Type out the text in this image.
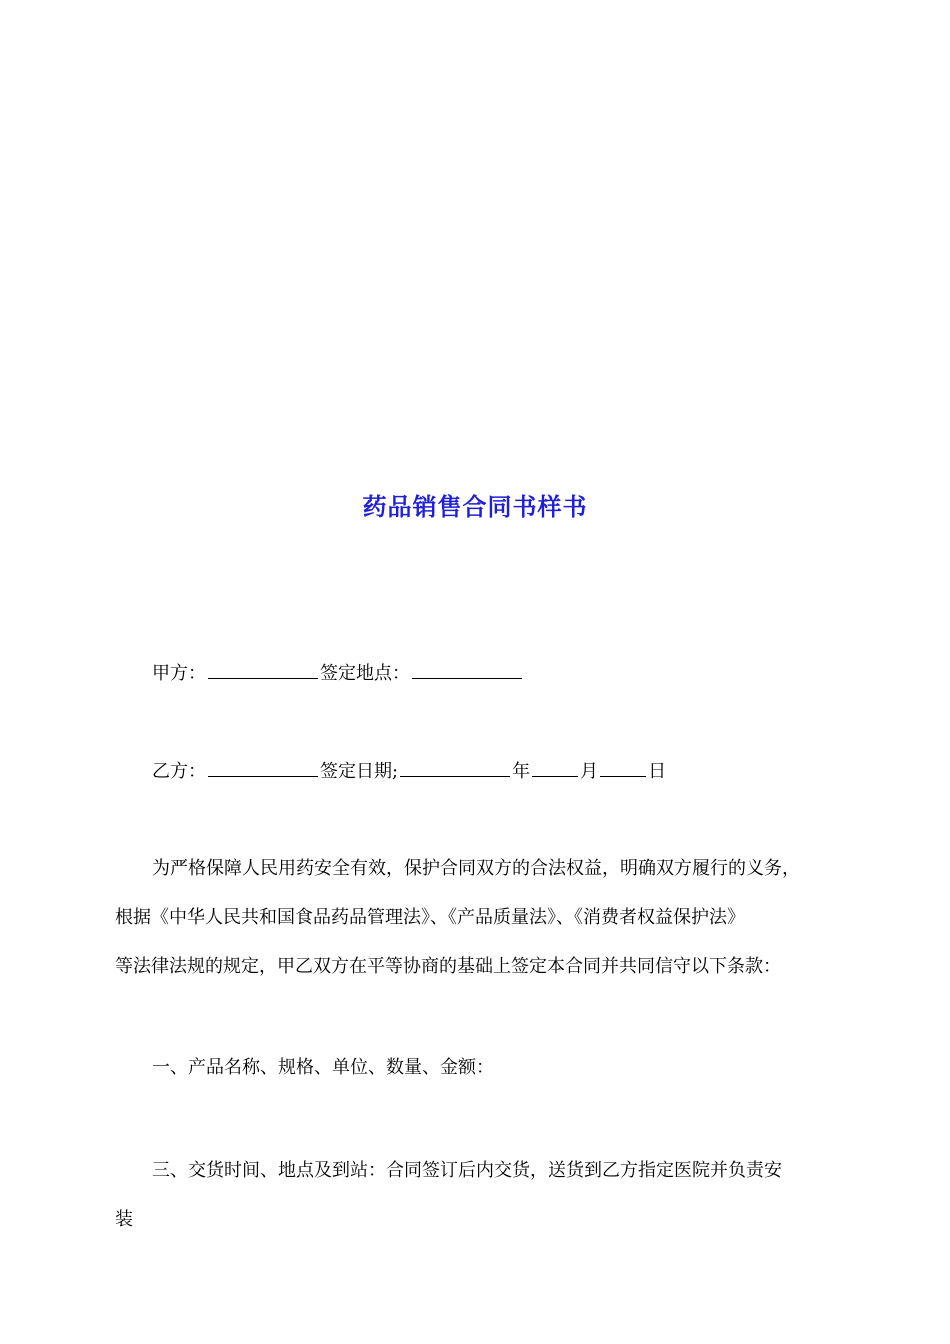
药品销售合同书样书
甲方：	签定地点：
乙方：	签定日期;	年	月	日
为严格保障人民用药安全有效，保护合同双方的合法权益，明确双方履行的义务，
根据《中华人民共和国食品药品管理法》、《产品质量法》、《消费者权益保护法》
等法律法规的规定，甲乙双方在平等协商的基础上签定本合同并共同信守以下条款：
一、产品名称、规格、单位、数量、金额：
三、交货时间、地点及到站：合同签订后内交货，送货到乙方指定医院并负责安
装
